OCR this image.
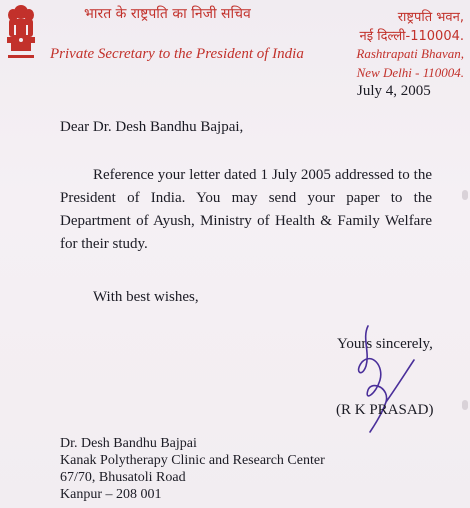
भारत के राष्ट्रपति का निजी सचिव
Private Secretary to the President of India
राष्ट्रपति भवन,
नई दिल्ली-110004.
Rashtrapati Bhavan,
New Delhi - 110004.
July 4, 2005
Dear Dr. Desh Bandhu Bajpai,
Reference your letter dated 1 July 2005 addressed to the President of India. You may send your paper to the Department of Ayush, Ministry of Health & Family Welfare for their study.
With best wishes,
Yours sincerely,
(R K PRASAD)
Dr. Desh Bandhu Bajpai
Kanak Polytherapy Clinic and Research Center
67/70, Bhusatoli Road
Kanpur – 208 001
